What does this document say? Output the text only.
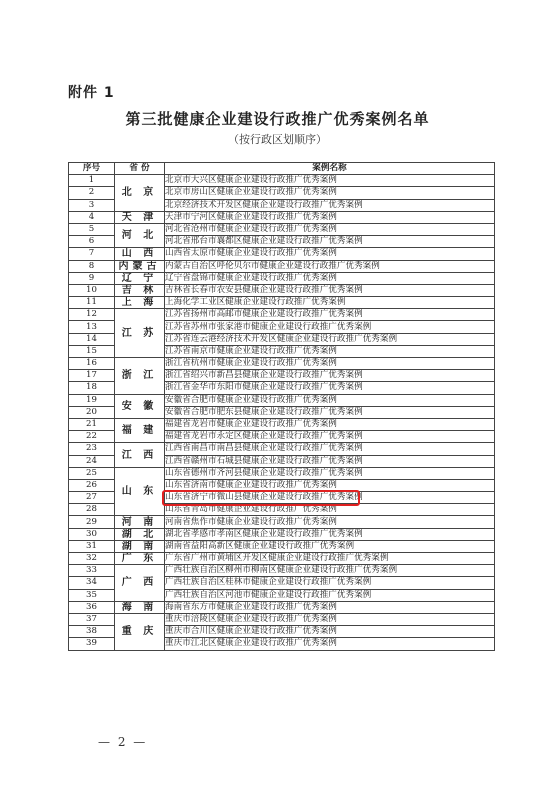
附件 1
第三批健康企业建设行政推广优秀案例名单
（按行政区划顺序）
序号	省 份	案例名称
1	北 京	北京市大兴区健康企业建设行政推广优秀案例
2		北京市房山区健康企业建设行政推广优秀案例
3		北京经济技术开发区健康企业建设行政推广优秀案例
4	天 津	天津市宁河区健康企业建设行政推广优秀案例
5	河 北	河北省沧州市健康企业建设行政推广优秀案例
6		河北省邢台市襄都区健康企业建设行政推广优秀案例
7	山 西	山西省太原市健康企业建设行政推广优秀案例
8	内蒙古	内蒙古自治区呼伦贝尔市健康企业建设行政推广优秀案例
9	辽 宁	辽宁省盘锦市健康企业建设行政推广优秀案例
10	吉 林	吉林省长春市农安县健康企业建设行政推广优秀案例
11	上 海	上海化学工业区健康企业建设行政推广优秀案例
12	江 苏	江苏省扬州市高邮市健康企业建设行政推广优秀案例
13		江苏省苏州市张家港市健康企业建设行政推广优秀案例
14		江苏省连云港经济技术开发区健康企业建设行政推广优秀案例
15		江苏省南京市健康企业建设行政推广优秀案例
16	浙 江	浙江省杭州市健康企业建设行政推广优秀案例
17		浙江省绍兴市新昌县健康企业建设行政推广优秀案例
18		浙江省金华市东阳市健康企业建设行政推广优秀案例
19	安 徽	安徽省合肥市健康企业建设行政推广优秀案例
20		安徽省合肥市肥东县健康企业建设行政推广优秀案例
21	福 建	福建省龙岩市健康企业建设行政推广优秀案例
22		福建省龙岩市永定区健康企业建设行政推广优秀案例
23	江 西	江西省南昌市南昌县健康企业建设行政推广优秀案例
24		江西省赣州市石城县健康企业建设行政推广优秀案例
25	山 东	山东省德州市齐河县健康企业建设行政推广优秀案例
26		山东省济南市健康企业建设行政推广优秀案例
27		山东省济宁市微山县健康企业建设行政推广优秀案例
28		山东省青岛市健康企业建设行政推广优秀案例
29	河 南	河南省焦作市健康企业建设行政推广优秀案例
30	湖 北	湖北省孝感市孝南区健康企业建设行政推广优秀案例
31	湖 南	湖南省益阳高新区健康企业建设行政推广优秀案例
32	广 东	广东省广州市黄埔区开发区健康企业建设行政推广优秀案例
33	广 西	广西壮族自治区柳州市柳南区健康企业建设行政推广优秀案例
34		广西壮族自治区桂林市健康企业建设行政推广优秀案例
35		广西壮族自治区河池市健康企业建设行政推广优秀案例
36	海 南	海南省东方市健康企业建设行政推广优秀案例
37	重 庆	重庆市涪陵区健康企业建设行政推广优秀案例
38		重庆市合川区健康企业建设行政推广优秀案例
39		重庆市江北区健康企业建设行政推广优秀案例
— 2 —
